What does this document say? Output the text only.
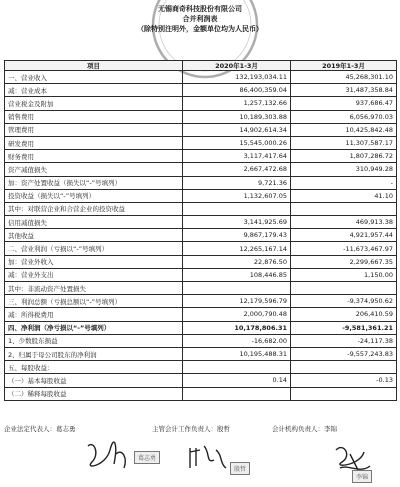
无锡商奇科技股份有限公司
合并利润表
（除特别注明外，金额单位均为人民币）
项目	2020年1-3月	2019年1-3月
一、营业收入	132,193,034.11	45,268,301.10
减：营业成本	86,400,359.04	31,487,358.84
营业税金及附加	1,257,132.66	937,686.47
销售费用	10,189,303.88	6,056,970.03
管理费用	14,902,614.34	10,425,842.48
研发费用	15,545,000.26	11,307,587.17
财务费用	3,117,417.64	1,807,286.72
资产减值损失	2,667,472.68	310,949.28
加：资产处置收益（损失以“-”号填列）	9,721.36	-
投资收益（损失以“-”号填列）	1,132,607.05	41.10
其中：对联营企业和合营企业的投资收益		
信用减值损失	3,141,925.69	469,913.38
其他收益	9,867,179.43	4,921,957.44
二、营业利润（亏损以“-”号填列）	12,265,167.14	-11,673,467.97
加：营业外收入	22,876.50	2,299,667.35
减：营业外支出	108,446.85	1,150.00
其中：非流动资产处置损失		
三、利润总额（亏损总额以“-”号填列）	12,179,596.79	-9,374,950.62
减：所得税费用	2,000,790.48	206,410.59
四、净利润（净亏损以“-”号填列）	10,178,806.31	-9,581,361.21
1、少数股东损益	-16,682.00	-24,117.38
2、归属于母公司股东的净利润	10,195,488.31	-9,557,243.83
五、每股收益：		
（一）基本每股收益	0.14	-0.13
（二）稀释每股收益		
企业法定代表人：葛志勇	主管会计工作负责人：殷哲	会计机构负责人：李锦
葛志勇
殷哲
李锦
